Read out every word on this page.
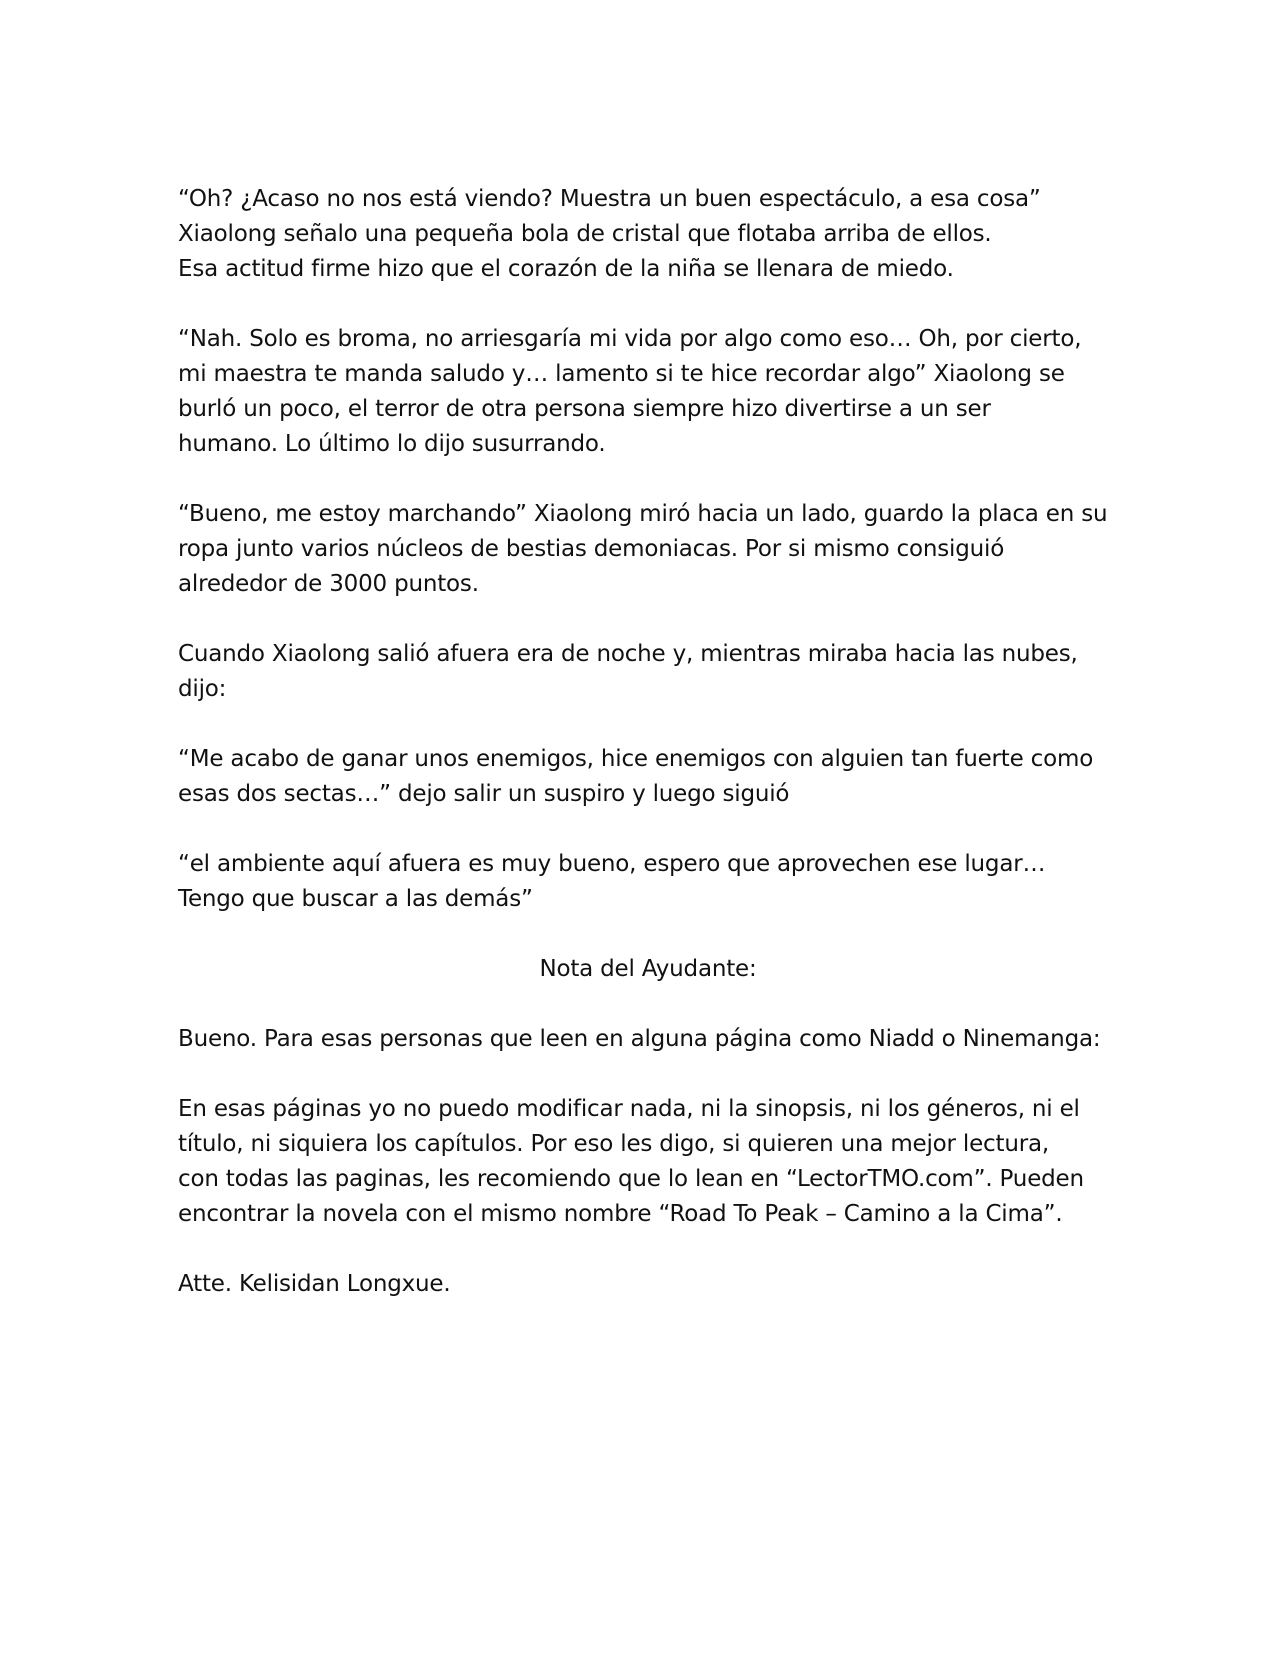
“Oh? ¿Acaso no nos está viendo? Muestra un buen espectáculo, a esa cosa”
Xiaolong señalo una pequeña bola de cristal que flotaba arriba de ellos.
Esa actitud firme hizo que el corazón de la niña se llenara de miedo.
“Nah. Solo es broma, no arriesgaría mi vida por algo como eso… Oh, por cierto,
mi maestra te manda saludo y… lamento si te hice recordar algo” Xiaolong se
burló un poco, el terror de otra persona siempre hizo divertirse a un ser
humano. Lo último lo dijo susurrando.
“Bueno, me estoy marchando” Xiaolong miró hacia un lado, guardo la placa en su
ropa junto varios núcleos de bestias demoniacas. Por si mismo consiguió
alrededor de 3000 puntos.
Cuando Xiaolong salió afuera era de noche y, mientras miraba hacia las nubes,
dijo:
“Me acabo de ganar unos enemigos, hice enemigos con alguien tan fuerte como
esas dos sectas…” dejo salir un suspiro y luego siguió
“el ambiente aquí afuera es muy bueno, espero que aprovechen ese lugar…
Tengo que buscar a las demás”
Nota del Ayudante:
Bueno. Para esas personas que leen en alguna página como Niadd o Ninemanga:
En esas páginas yo no puedo modificar nada, ni la sinopsis, ni los géneros, ni el
título, ni siquiera los capítulos. Por eso les digo, si quieren una mejor lectura,
con todas las paginas, les recomiendo que lo lean en “LectorTMO.com”. Pueden
encontrar la novela con el mismo nombre “Road To Peak – Camino a la Cima”.
Atte. Kelisidan Longxue.
